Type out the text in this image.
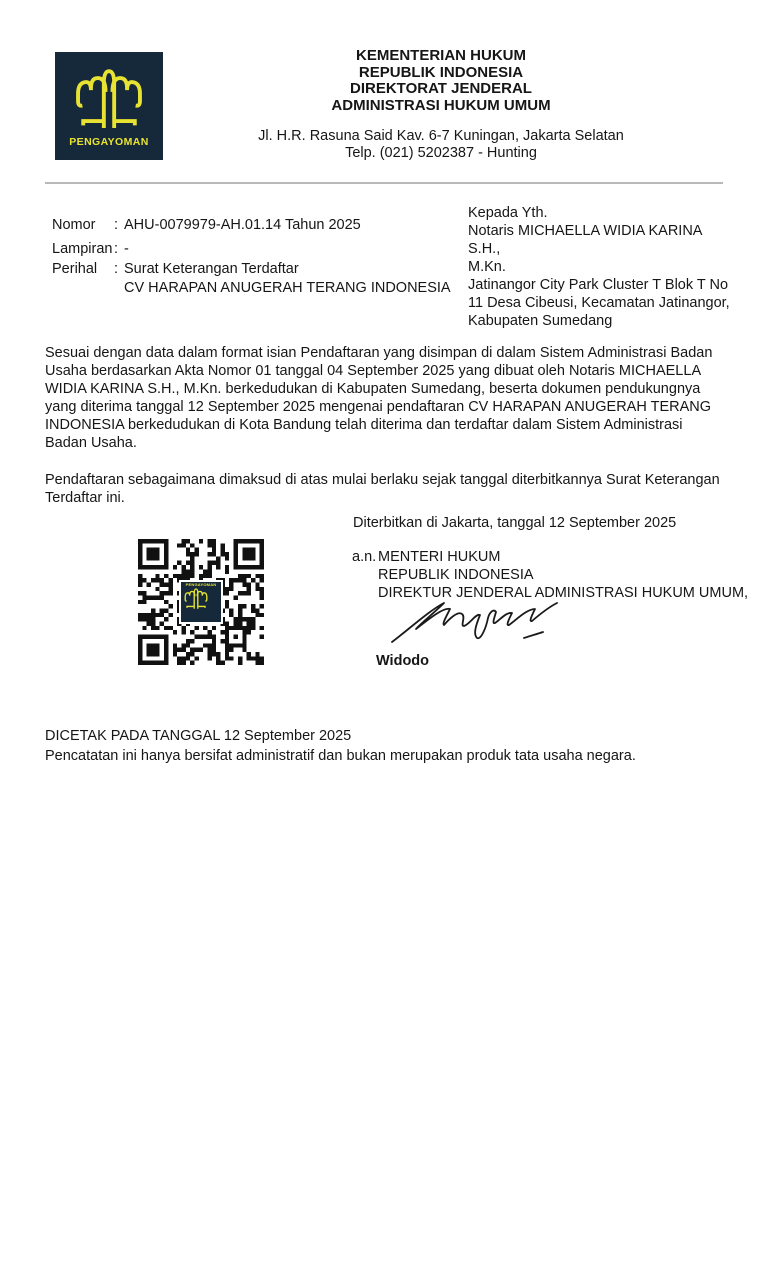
PENGAYOMAN
KEMENTERIAN HUKUM
REPUBLIK INDONESIA
DIREKTORAT JENDERAL
ADMINISTRASI HUKUM UMUM
Jl. H.R. Rasuna Said Kav. 6-7 Kuningan, Jakarta Selatan
Telp. (021) 5202387 - Hunting
Nomor	: AHU-0079979-AH.01.14 Tahun 2025
Lampiran : -
Perihal	: Surat Keterangan Terdaftar
CV HARAPAN ANUGERAH TERANG INDONESIA
Kepada Yth.
Notaris MICHAELLA WIDIA KARINA S.H.,
M.Kn.
Jatinangor City Park Cluster T Blok T No
11 Desa Cibeusi, Kecamatan Jatinangor,
Kabupaten Sumedang

Sesuai dengan data dalam format isian Pendaftaran yang disimpan di dalam Sistem Administrasi Badan Usaha berdasarkan Akta Nomor 01 tanggal 04 September 2025 yang dibuat oleh Notaris MICHAELLA WIDIA KARINA S.H., M.Kn. berkedudukan di Kabupaten Sumedang, beserta dokumen pendukungnya yang diterima tanggal 12 September 2025 mengenai pendaftaran CV HARAPAN ANUGERAH TERANG INDONESIA berkedudukan di Kota Bandung telah diterima dan terdaftar dalam Sistem Administrasi Badan Usaha.

Pendaftaran sebagaimana dimaksud di atas mulai berlaku sejak tanggal diterbitkannya Surat Keterangan Terdaftar ini.

Diterbitkan di Jakarta, tanggal 12 September 2025
PENGAYOMAN
a.n. MENTERI HUKUM
REPUBLIK INDONESIA
DIREKTUR JENDERAL ADMINISTRASI HUKUM UMUM,
Widodo
DICETAK PADA TANGGAL 12 September 2025
Pencatatan ini hanya bersifat administratif dan bukan merupakan produk tata usaha negara.
